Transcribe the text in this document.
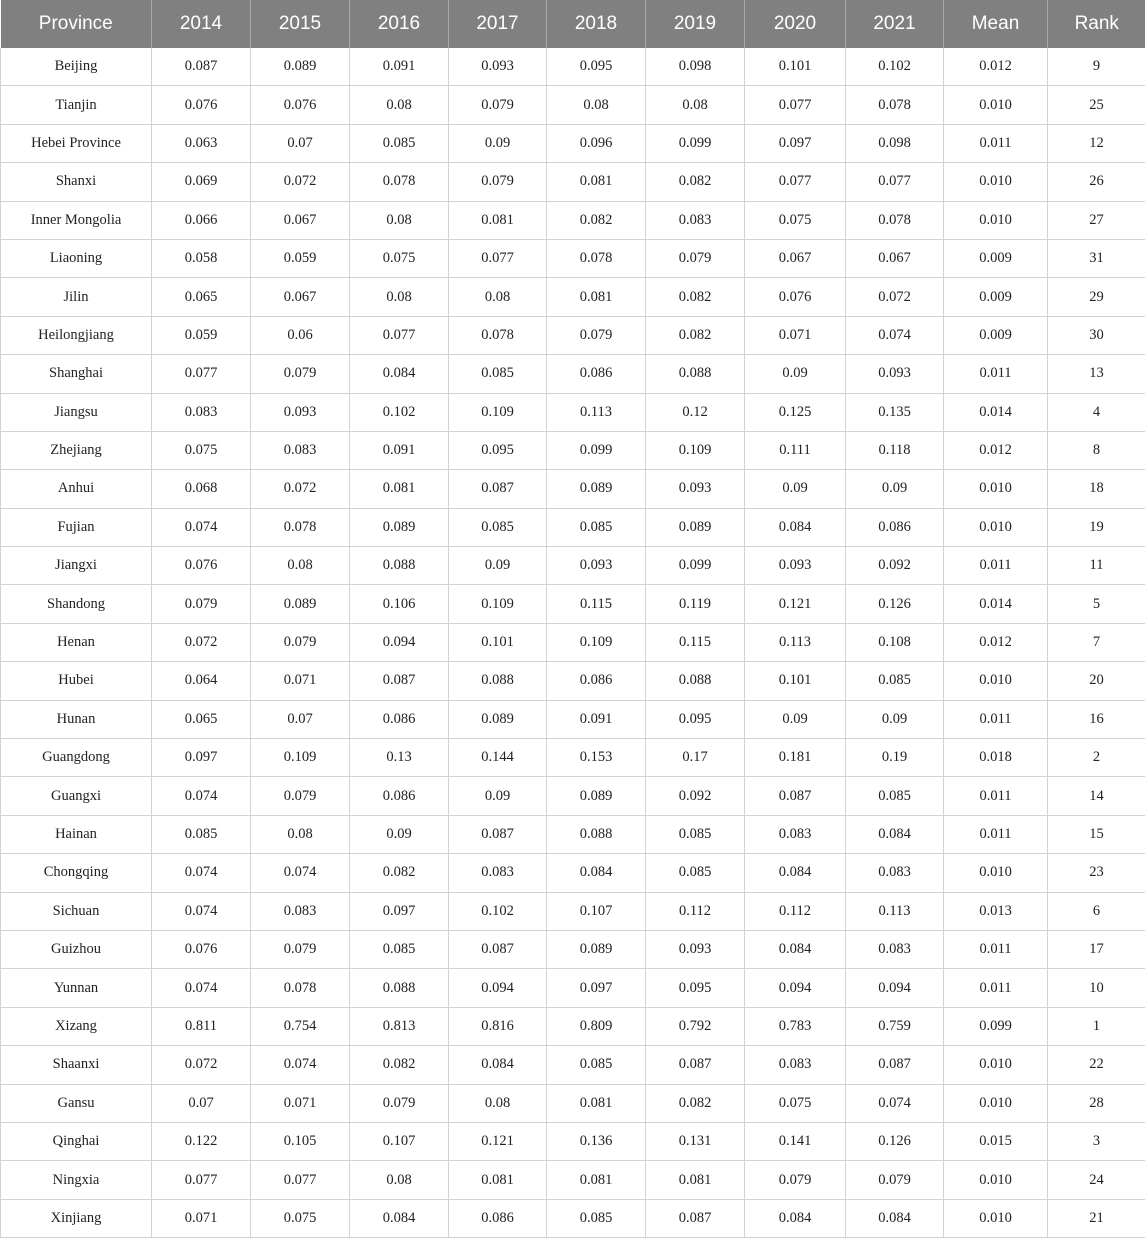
Province	2014	2015	2016	2017	2018	2019	2020	2021	Mean	Rank
Beijing	0.087	0.089	0.091	0.093	0.095	0.098	0.101	0.102	0.012	9
Tianjin	0.076	0.076	0.08	0.079	0.08	0.08	0.077	0.078	0.010	25
Hebei Province	0.063	0.07	0.085	0.09	0.096	0.099	0.097	0.098	0.011	12
Shanxi	0.069	0.072	0.078	0.079	0.081	0.082	0.077	0.077	0.010	26
Inner Mongolia	0.066	0.067	0.08	0.081	0.082	0.083	0.075	0.078	0.010	27
Liaoning	0.058	0.059	0.075	0.077	0.078	0.079	0.067	0.067	0.009	31
Jilin	0.065	0.067	0.08	0.08	0.081	0.082	0.076	0.072	0.009	29
Heilongjiang	0.059	0.06	0.077	0.078	0.079	0.082	0.071	0.074	0.009	30
Shanghai	0.077	0.079	0.084	0.085	0.086	0.088	0.09	0.093	0.011	13
Jiangsu	0.083	0.093	0.102	0.109	0.113	0.12	0.125	0.135	0.014	4
Zhejiang	0.075	0.083	0.091	0.095	0.099	0.109	0.111	0.118	0.012	8
Anhui	0.068	0.072	0.081	0.087	0.089	0.093	0.09	0.09	0.010	18
Fujian	0.074	0.078	0.089	0.085	0.085	0.089	0.084	0.086	0.010	19
Jiangxi	0.076	0.08	0.088	0.09	0.093	0.099	0.093	0.092	0.011	11
Shandong	0.079	0.089	0.106	0.109	0.115	0.119	0.121	0.126	0.014	5
Henan	0.072	0.079	0.094	0.101	0.109	0.115	0.113	0.108	0.012	7
Hubei	0.064	0.071	0.087	0.088	0.086	0.088	0.101	0.085	0.010	20
Hunan	0.065	0.07	0.086	0.089	0.091	0.095	0.09	0.09	0.011	16
Guangdong	0.097	0.109	0.13	0.144	0.153	0.17	0.181	0.19	0.018	2
Guangxi	0.074	0.079	0.086	0.09	0.089	0.092	0.087	0.085	0.011	14
Hainan	0.085	0.08	0.09	0.087	0.088	0.085	0.083	0.084	0.011	15
Chongqing	0.074	0.074	0.082	0.083	0.084	0.085	0.084	0.083	0.010	23
Sichuan	0.074	0.083	0.097	0.102	0.107	0.112	0.112	0.113	0.013	6
Guizhou	0.076	0.079	0.085	0.087	0.089	0.093	0.084	0.083	0.011	17
Yunnan	0.074	0.078	0.088	0.094	0.097	0.095	0.094	0.094	0.011	10
Xizang	0.811	0.754	0.813	0.816	0.809	0.792	0.783	0.759	0.099	1
Shaanxi	0.072	0.074	0.082	0.084	0.085	0.087	0.083	0.087	0.010	22
Gansu	0.07	0.071	0.079	0.08	0.081	0.082	0.075	0.074	0.010	28
Qinghai	0.122	0.105	0.107	0.121	0.136	0.131	0.141	0.126	0.015	3
Ningxia	0.077	0.077	0.08	0.081	0.081	0.081	0.079	0.079	0.010	24
Xinjiang	0.071	0.075	0.084	0.086	0.085	0.087	0.084	0.084	0.010	21
